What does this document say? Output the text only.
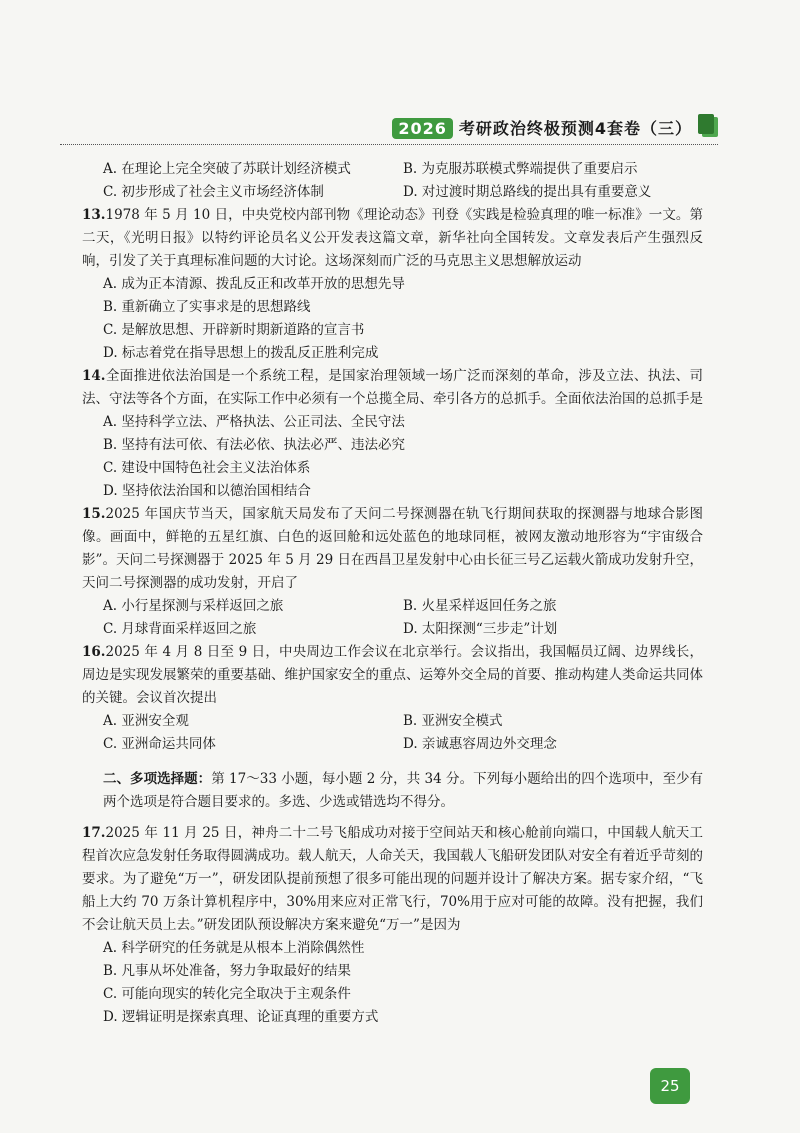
2026 考研政治终极预测4套卷（三）
A. 在理论上完全突破了苏联计划经济模式	B. 为克服苏联模式弊端提供了重要启示
C. 初步形成了社会主义市场经济体制	D. 对过渡时期总路线的提出具有重要意义

13.1978 年 5 月 10 日，中央党校内部刊物《理论动态》刊登《实践是检验真理的唯一标准》一文。第二天，《光明日报》以特约评论员名义公开发表这篇文章，新华社向全国转发。文章发表后产生强烈反响，引发了关于真理标准问题的大讨论。这场深刻而广泛的马克思主义思想解放运动

A. 成为正本清源、拨乱反正和改革开放的思想先导
B. 重新确立了实事求是的思想路线
C. 是解放思想、开辟新时期新道路的宣言书
D. 标志着党在指导思想上的拨乱反正胜利完成

14.全面推进依法治国是一个系统工程，是国家治理领域一场广泛而深刻的革命，涉及立法、执法、司法、守法等各个方面，在实际工作中必须有一个总揽全局、牵引各方的总抓手。全面依法治国的总抓手是

A. 坚持科学立法、严格执法、公正司法、全民守法
B. 坚持有法可依、有法必依、执法必严、违法必究
C. 建设中国特色社会主义法治体系
D. 坚持依法治国和以德治国相结合

15.2025 年国庆节当天，国家航天局发布了天问二号探测器在轨飞行期间获取的探测器与地球合影图像。画面中，鲜艳的五星红旗、白色的返回舱和远处蓝色的地球同框，被网友激动地形容为“宇宙级合影”。天问二号探测器于 2025 年 5 月 29 日在西昌卫星发射中心由长征三号乙运载火箭成功发射升空，天问二号探测器的成功发射，开启了

A. 小行星探测与采样返回之旅	B. 火星采样返回任务之旅
C. 月球背面采样返回之旅	D. 太阳探测“三步走”计划

16.2025 年 4 月 8 日至 9 日，中央周边工作会议在北京举行。会议指出，我国幅员辽阔、边界线长，周边是实现发展繁荣的重要基础、维护国家安全的重点、运筹外交全局的首要、推动构建人类命运共同体的关键。会议首次提出

A. 亚洲安全观	B. 亚洲安全模式
C. 亚洲命运共同体	D. 亲诚惠容周边外交理念

二、多项选择题：第 17～33 小题，每小题 2 分，共 34 分。下列每小题给出的四个选项中，至少有两个选项是符合题目要求的。多选、少选或错选均不得分。

17.2025 年 11 月 25 日，神舟二十二号飞船成功对接于空间站天和核心舱前向端口，中国载人航天工程首次应急发射任务取得圆满成功。载人航天，人命关天，我国载人飞船研发团队对安全有着近乎苛刻的要求。为了避免“万一”，研发团队提前预想了很多可能出现的问题并设计了解决方案。据专家介绍，“飞船上大约 70 万条计算机程序中，30%用来应对正常飞行，70%用于应对可能的故障。没有把握，我们不会让航天员上去。”研发团队预设解决方案来避免“万一”是因为

A. 科学研究的任务就是从根本上消除偶然性
B. 凡事从坏处准备，努力争取最好的结果
C. 可能向现实的转化完全取决于主观条件
D. 逻辑证明是探索真理、论证真理的重要方式
25
